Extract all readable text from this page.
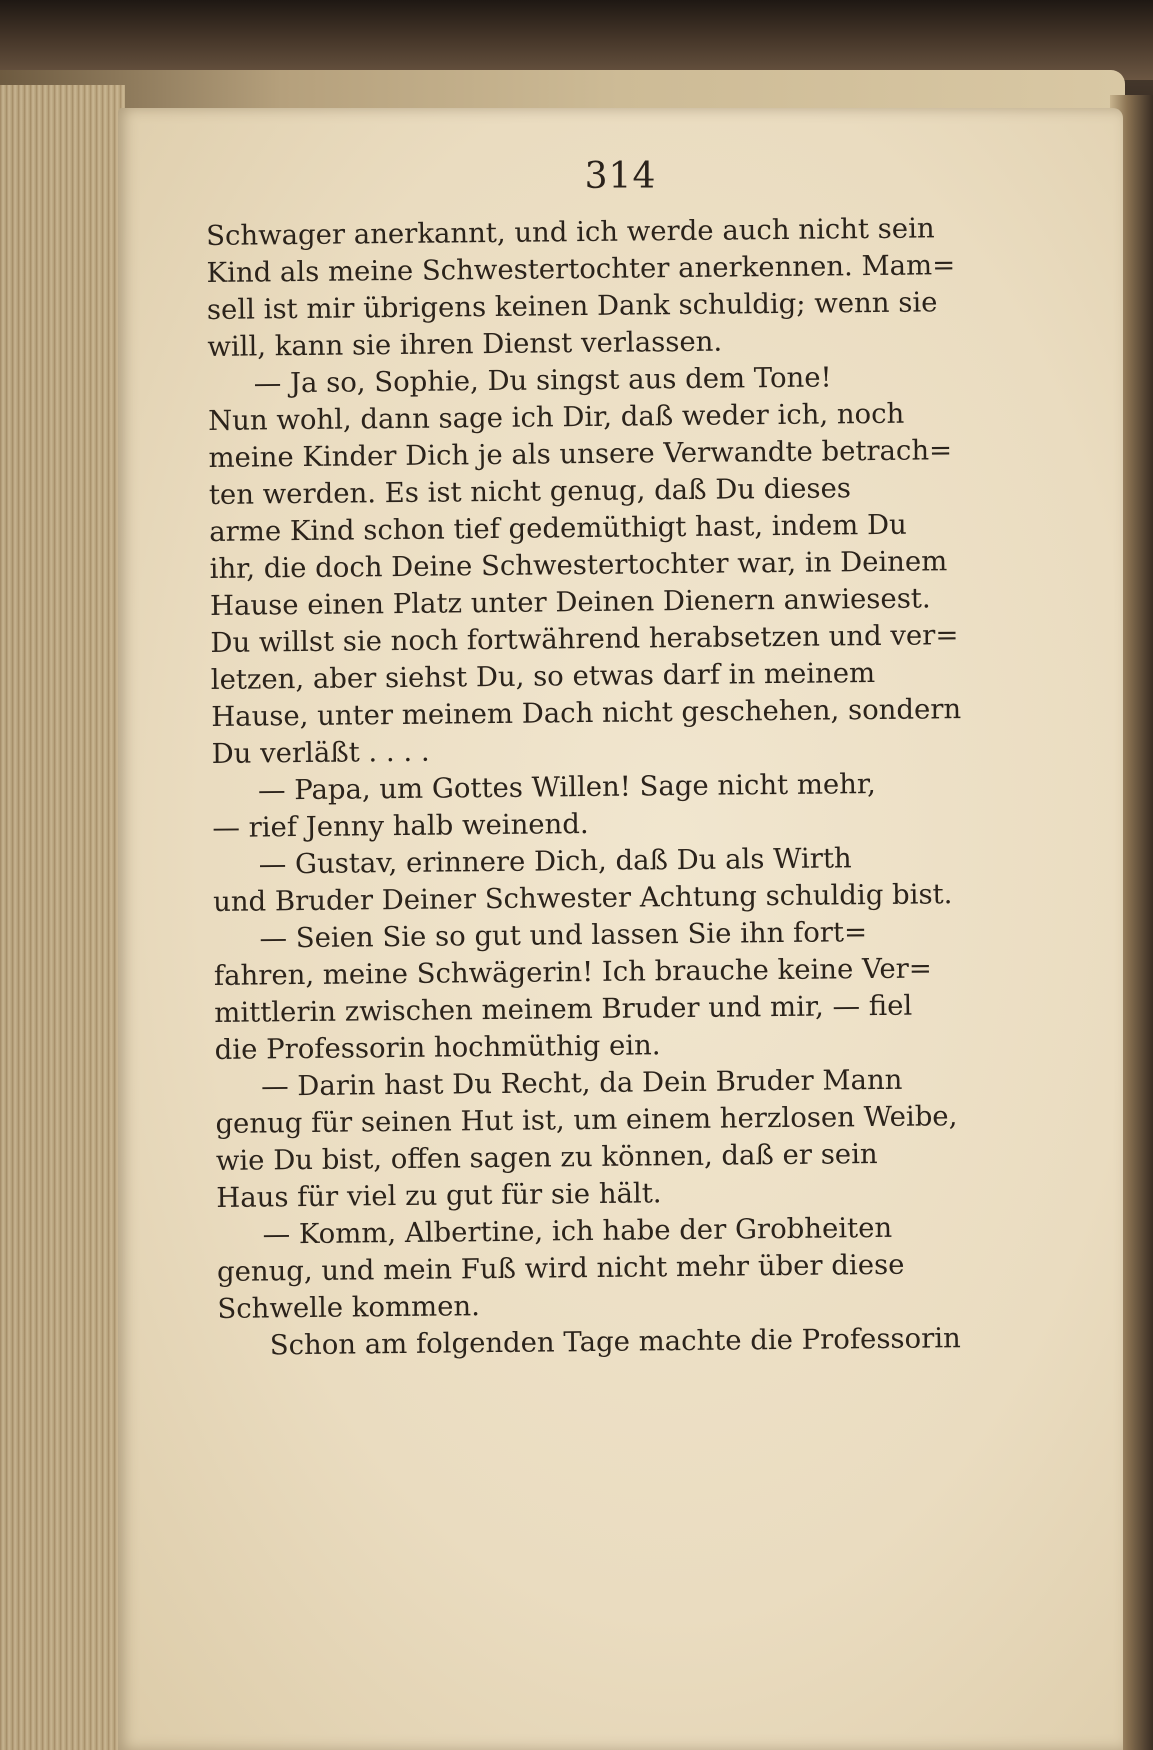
314
Schwager anerkannt, und ich werde auch nicht sein
Kind als meine Schwestertochter anerkennen. Mam=
sell ist mir übrigens keinen Dank schuldig; wenn sie
will, kann sie ihren Dienst verlassen.
— Ja so, Sophie, Du singst aus dem Tone!
Nun wohl, dann sage ich Dir, daß weder ich, noch
meine Kinder Dich je als unsere Verwandte betrach=
ten werden. Es ist nicht genug, daß Du dieses
arme Kind schon tief gedemüthigt hast, indem Du
ihr, die doch Deine Schwestertochter war, in Deinem
Hause einen Platz unter Deinen Dienern anwiesest.
Du willst sie noch fortwährend herabsetzen und ver=
letzen, aber siehst Du, so etwas darf in meinem
Hause, unter meinem Dach nicht geschehen, sondern
Du verläßt . . . .
— Papa, um Gottes Willen! Sage nicht mehr,
— rief Jenny halb weinend.
— Gustav, erinnere Dich, daß Du als Wirth
und Bruder Deiner Schwester Achtung schuldig bist.
— Seien Sie so gut und lassen Sie ihn fort=
fahren, meine Schwägerin! Ich brauche keine Ver=
mittlerin zwischen meinem Bruder und mir, — fiel
die Professorin hochmüthig ein.
— Darin hast Du Recht, da Dein Bruder Mann
genug für seinen Hut ist, um einem herzlosen Weibe,
wie Du bist, offen sagen zu können, daß er sein
Haus für viel zu gut für sie hält.
— Komm, Albertine, ich habe der Grobheiten
genug, und mein Fuß wird nicht mehr über diese
Schwelle kommen.
Schon am folgenden Tage machte die Professorin
